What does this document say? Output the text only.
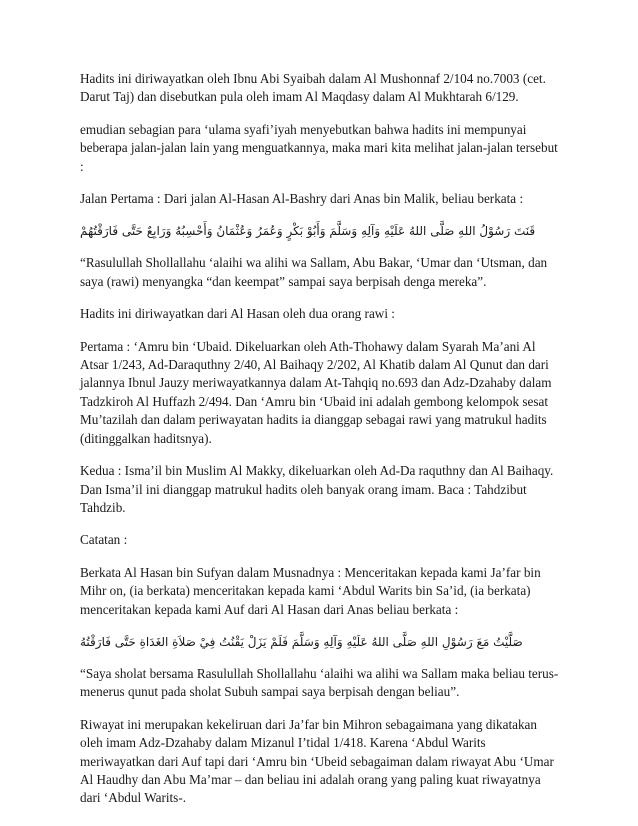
Hadits ini diriwayatkan oleh Ibnu Abi Syaibah dalam Al Mushonnaf 2/104 no.7003 (cet. Darut Taj) dan disebutkan pula oleh imam Al Maqdasy dalam Al Mukhtarah 6/129.

emudian sebagian para ‘ulama syafi’iyah menyebutkan bahwa hadits ini mempunyai beberapa jalan-jalan lain yang menguatkannya, maka mari kita melihat jalan-jalan tersebut :

Jalan Pertama : Dari jalan Al-Hasan Al-Bashry dari Anas bin Malik, beliau berkata :

قَنَتَ رَسُوْلُ اللهِ صَلَّى اللهُ عَلَيْهِ وَآلِهِ وَسَلَّمَ وَأَبُوْ بَكْرٍ وَعُمَرُ وَعُثْمَانُ وَأَحْسِبُهُ وَرَابِعٌ حَتَّى فَارَقْتُهُمْ

“Rasulullah Shollallahu ‘alaihi wa alihi wa Sallam, Abu Bakar, ‘Umar dan ‘Utsman, dan saya (rawi) menyangka “dan keempat” sampai saya berpisah denga mereka”.

Hadits ini diriwayatkan dari Al Hasan oleh dua orang rawi :

Pertama : ‘Amru bin ‘Ubaid. Dikeluarkan oleh Ath-Thohawy dalam Syarah Ma’ani Al Atsar 1/243, Ad-Daraquthny 2/40, Al Baihaqy 2/202, Al Khatib dalam Al Qunut dan dari jalannya Ibnul Jauzy meriwayatkannya dalam At-Tahqiq no.693 dan Adz-Dzahaby dalam Tadzkiroh Al Huffazh 2/494. Dan ‘Amru bin ‘Ubaid ini adalah gembong kelompok sesat Mu’tazilah dan dalam periwayatan hadits ia dianggap sebagai rawi yang matrukul hadits (ditinggalkan haditsnya).

Kedua : Isma’il bin Muslim Al Makky, dikeluarkan oleh Ad-Da raquthny dan Al Baihaqy. Dan Isma’il ini dianggap matrukul hadits oleh banyak orang imam. Baca : Tahdzibut Tahdzib.

Catatan :

Berkata Al Hasan bin Sufyan dalam Musnadnya : Menceritakan kepada kami Ja’far bin Mihr on, (ia berkata) menceritakan kepada kami ‘Abdul Warits bin Sa’id, (ia berkata) menceritakan kepada kami Auf dari Al Hasan dari Anas beliau berkata :

صَلَّيْتُ مَعَ رَسُوْلِ اللهِ صَلَّى اللهُ عَلَيْهِ وَآلِهِ وَسَلَّمَ فَلَمْ يَزَلْ يَقْنُتُ فِيْ صَلاَةِ الغَدَاةِ حَتَّى فَارَقْتُهُ

“Saya sholat bersama Rasulullah Shollallahu ‘alaihi wa alihi wa Sallam maka beliau terus-menerus qunut pada sholat Subuh sampai saya berpisah dengan beliau”.

Riwayat ini merupakan kekeliruan dari Ja’far bin Mihron sebagaimana yang dikatakan oleh imam Adz-Dzahaby dalam Mizanul I’tidal 1/418. Karena ‘Abdul Warits meriwayatkan dari Auf tapi dari ‘Amru bin ‘Ubeid sebagaiman dalam riwayat Abu ‘Umar Al Haudhy dan Abu Ma’mar – dan beliau ini adalah orang yang paling kuat riwayatnya dari ‘Abdul Warits-.
